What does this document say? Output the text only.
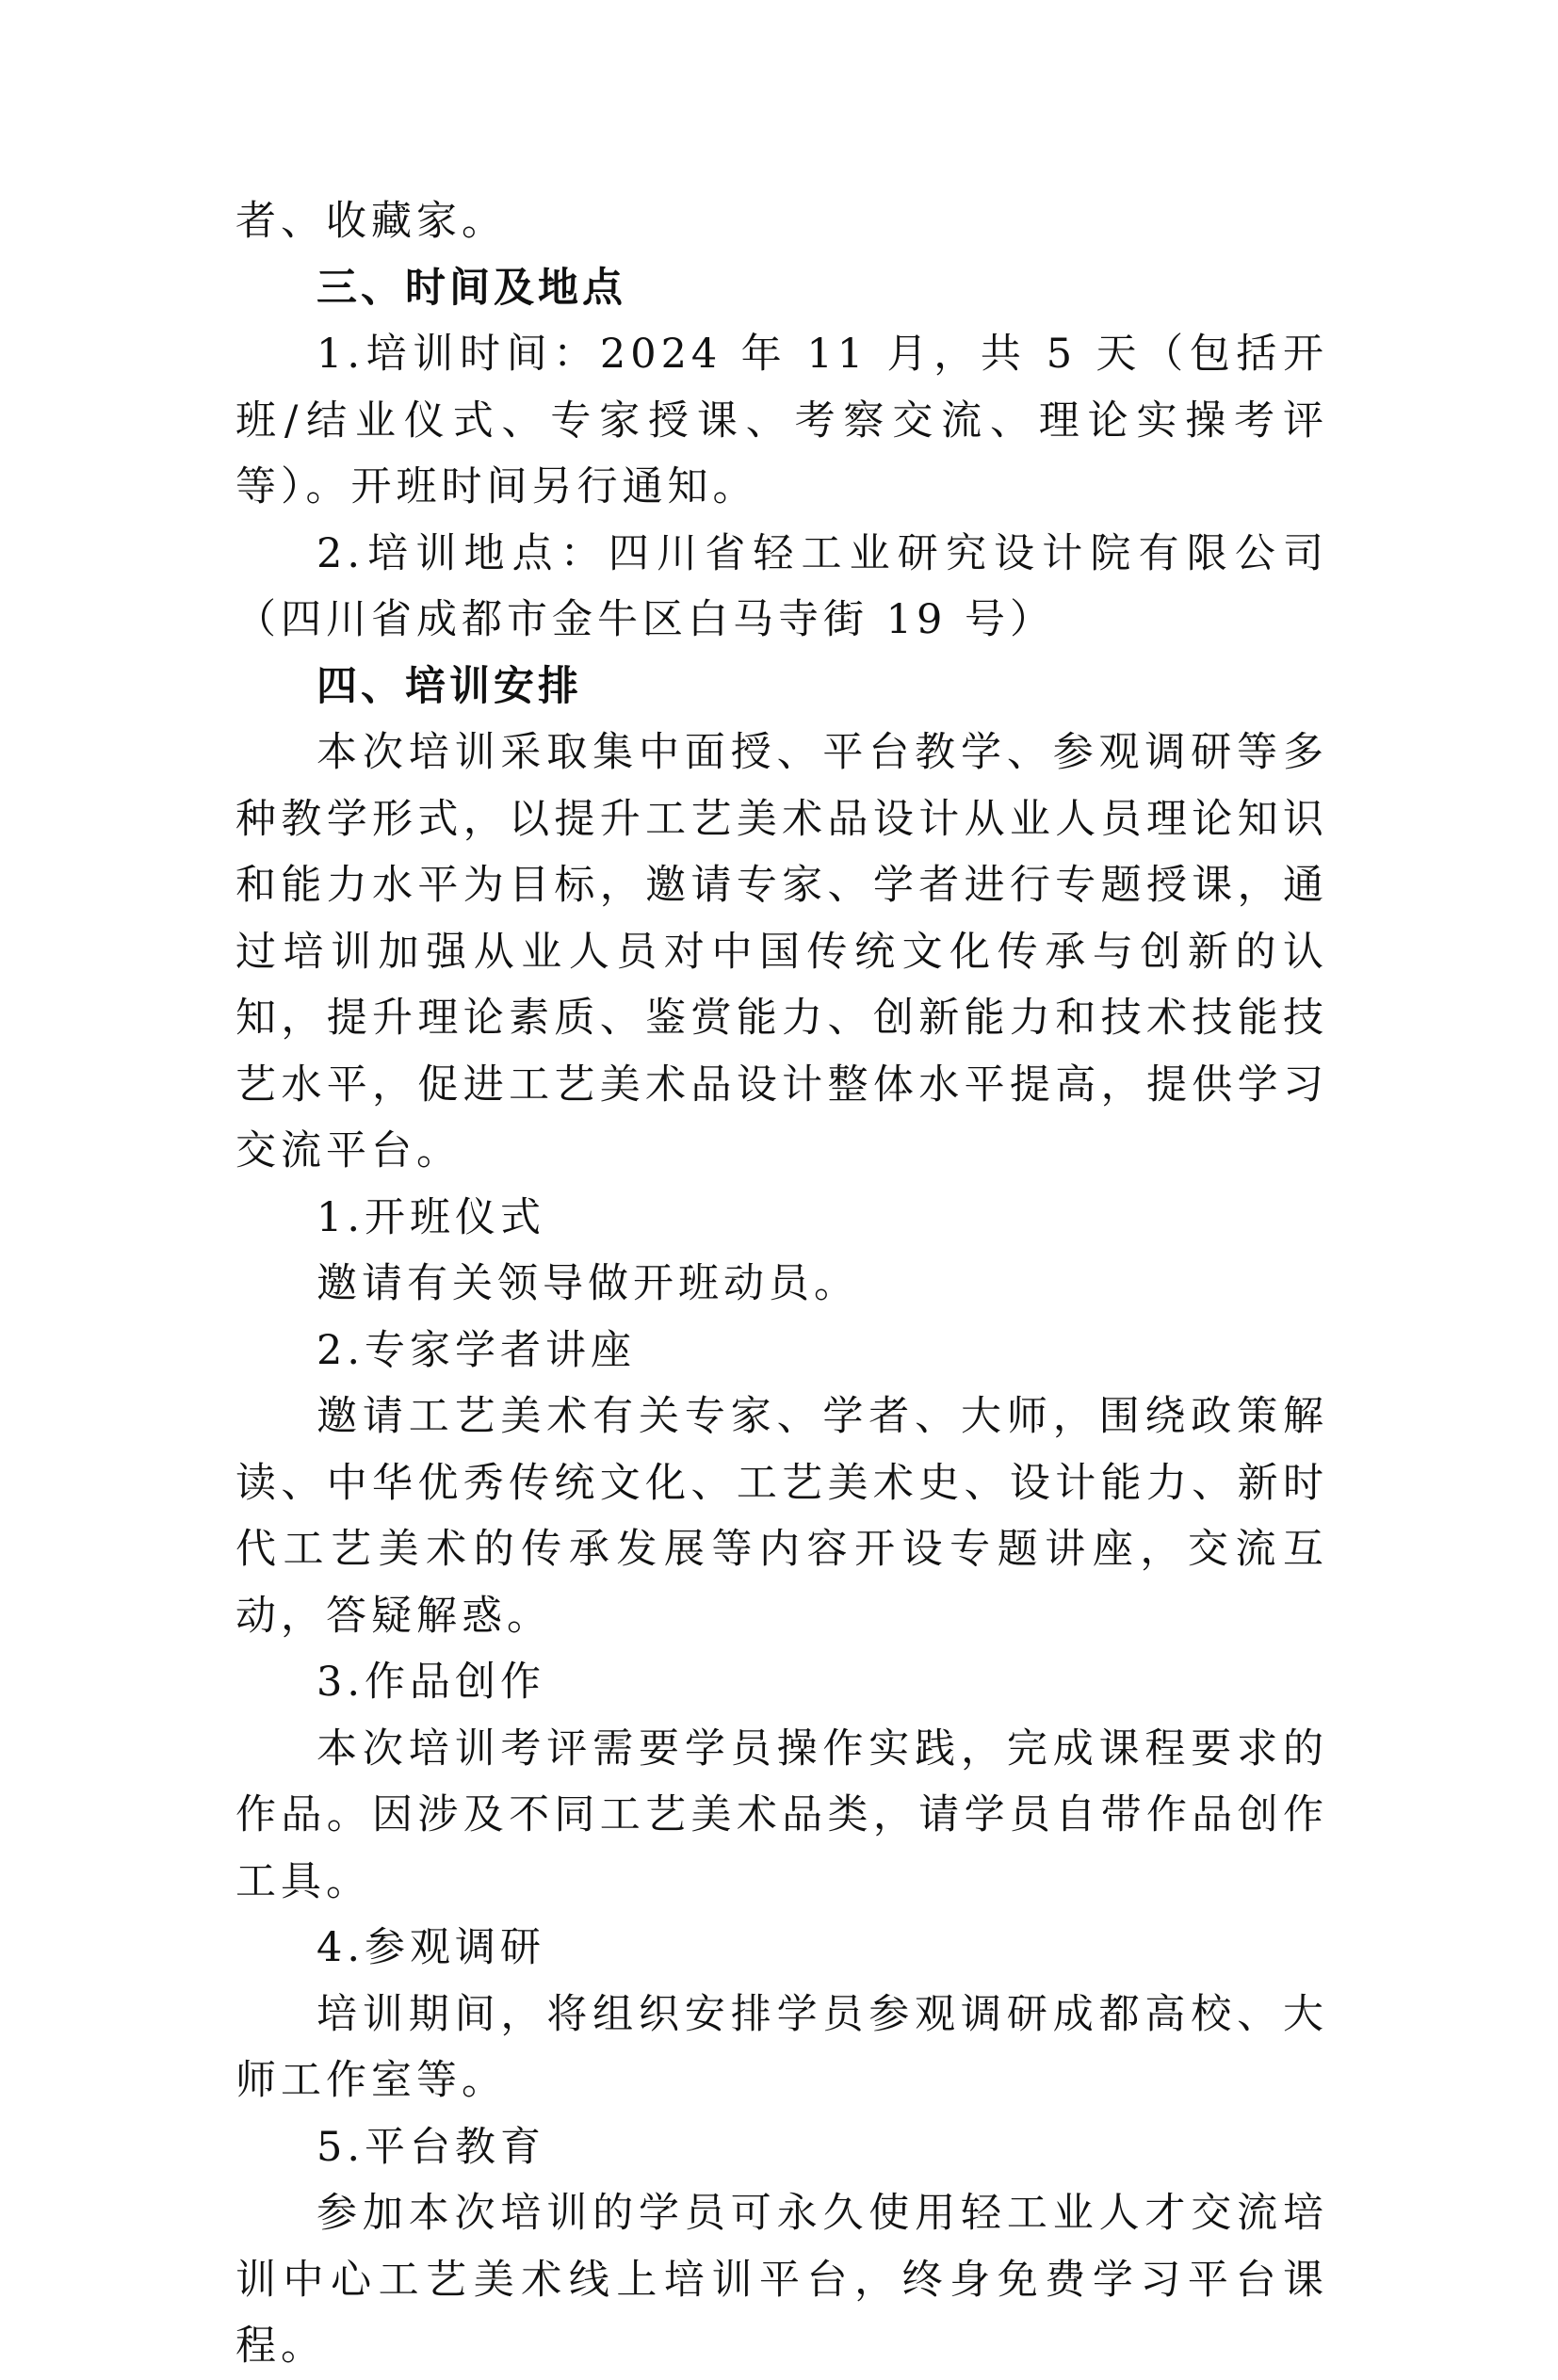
者、收藏家。

三、时间及地点

1.培训时间：2024 年 11 月，共 5 天（包括开班/结业仪式、专家授课、考察交流、理论实操考评等）。开班时间另行通知。

2.培训地点：四川省轻工业研究设计院有限公司（四川省成都市金牛区白马寺街 19 号）

四、培训安排

本次培训采取集中面授、平台教学、参观调研等多种教学形式，以提升工艺美术品设计从业人员理论知识和能力水平为目标，邀请专家、学者进行专题授课，通过培训加强从业人员对中国传统文化传承与创新的认知，提升理论素质、鉴赏能力、创新能力和技术技能技艺水平，促进工艺美术品设计整体水平提高，提供学习交流平台。

1.开班仪式

邀请有关领导做开班动员。

2.专家学者讲座

邀请工艺美术有关专家、学者、大师，围绕政策解读、中华优秀传统文化、工艺美术史、设计能力、新时代工艺美术的传承发展等内容开设专题讲座，交流互动，答疑解惑。

3.作品创作

本次培训考评需要学员操作实践，完成课程要求的作品。因涉及不同工艺美术品类，请学员自带作品创作工具。

4.参观调研

培训期间，将组织安排学员参观调研成都高校、大师工作室等。

5.平台教育

参加本次培训的学员可永久使用轻工业人才交流培训中心工艺美术线上培训平台，终身免费学习平台课程。
